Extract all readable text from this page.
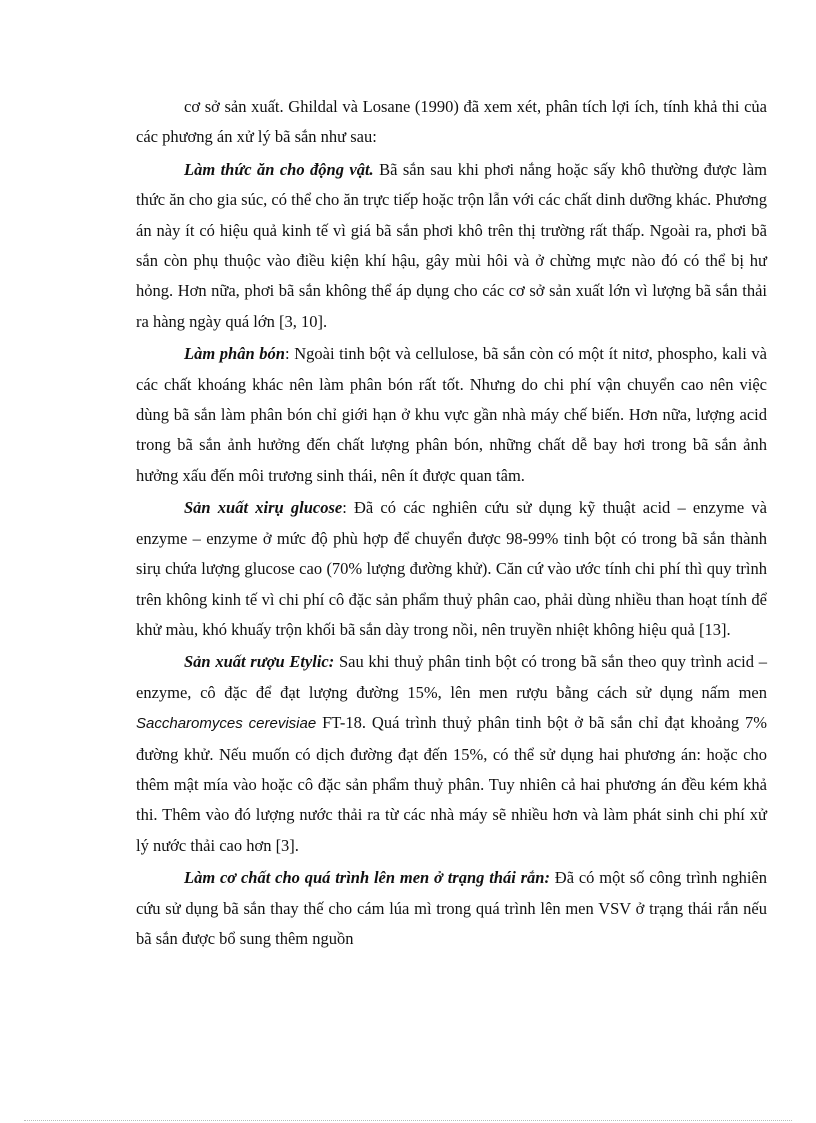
cơ sở sản xuất. Ghildal và Losane (1990) đã xem xét, phân tích lợi ích, tính khả thi của các phương án xử lý bã sắn như sau:

Làm thức ăn cho động vật. Bã sắn sau khi phơi nắng hoặc sấy khô thường được làm thức ăn cho gia súc, có thể cho ăn trực tiếp hoặc trộn lẫn với các chất dinh dưỡng khác. Phương án này ít có hiệu quả kinh tế vì giá bã sắn phơi khô trên thị trường rất thấp. Ngoài ra, phơi bã sắn còn phụ thuộc vào điều kiện khí hậu, gây mùi hôi và ở chừng mực nào đó có thể bị hư hỏng. Hơn nữa, phơi bã sắn không thể áp dụng cho các cơ sở sản xuất lớn vì lượng bã sắn thải ra hàng ngày quá lớn [3, 10].

Làm phân bón: Ngoài tinh bột và cellulose, bã sắn còn có một ít nitơ, phospho, kali và các chất khoáng khác nên làm phân bón rất tốt. Nhưng do chi phí vận chuyển cao nên việc dùng bã sắn làm phân bón chỉ giới hạn ở khu vực gần nhà máy chế biến. Hơn nữa, lượng acid trong bã sắn ảnh hưởng đến chất lượng phân bón, những chất dễ bay hơi trong bã sắn ảnh hưởng xấu đến môi trương sinh thái, nên ít được quan tâm.

Sản xuất xirụ glucose: Đã có các nghiên cứu sử dụng kỹ thuật acid – enzyme và enzyme – enzyme ở mức độ phù hợp để chuyển được 98-99% tinh bột có trong bã sắn thành sirụ chứa lượng glucose cao (70% lượng đường khử). Căn cứ vào ước tính chi phí thì quy trình trên không kinh tế vì chi phí cô đặc sản phẩm thuỷ phân cao, phải dùng nhiều than hoạt tính để khử màu, khó khuấy trộn khối bã sắn dày trong nồi, nên truyền nhiệt không hiệu quả [13].

Sản xuất rượu Etylic: Sau khi thuỷ phân tinh bột có trong bã sắn theo quy trình acid – enzyme, cô đặc để đạt lượng đường 15%, lên men rượu bằng cách sử dụng nấm men Saccharomyces cerevisiae FT-18. Quá trình thuỷ phân tinh bột ở bã sắn chỉ đạt khoảng 7% đường khử. Nếu muốn có dịch đường đạt đến 15%, có thể sử dụng hai phương án: hoặc cho thêm mật mía vào hoặc cô đặc sản phẩm thuỷ phân. Tuy nhiên cả hai phương án đều kém khả thi. Thêm vào đó lượng nước thải ra từ các nhà máy sẽ nhiều hơn và làm phát sinh chi phí xử lý nước thải cao hơn [3].

Làm cơ chất cho quá trình lên men ở trạng thái rắn: Đã có một số công trình nghiên cứu sử dụng bã sắn thay thế cho cám lúa mì trong quá trình lên men VSV ở trạng thái rắn nếu bã sắn được bổ sung thêm nguồn
